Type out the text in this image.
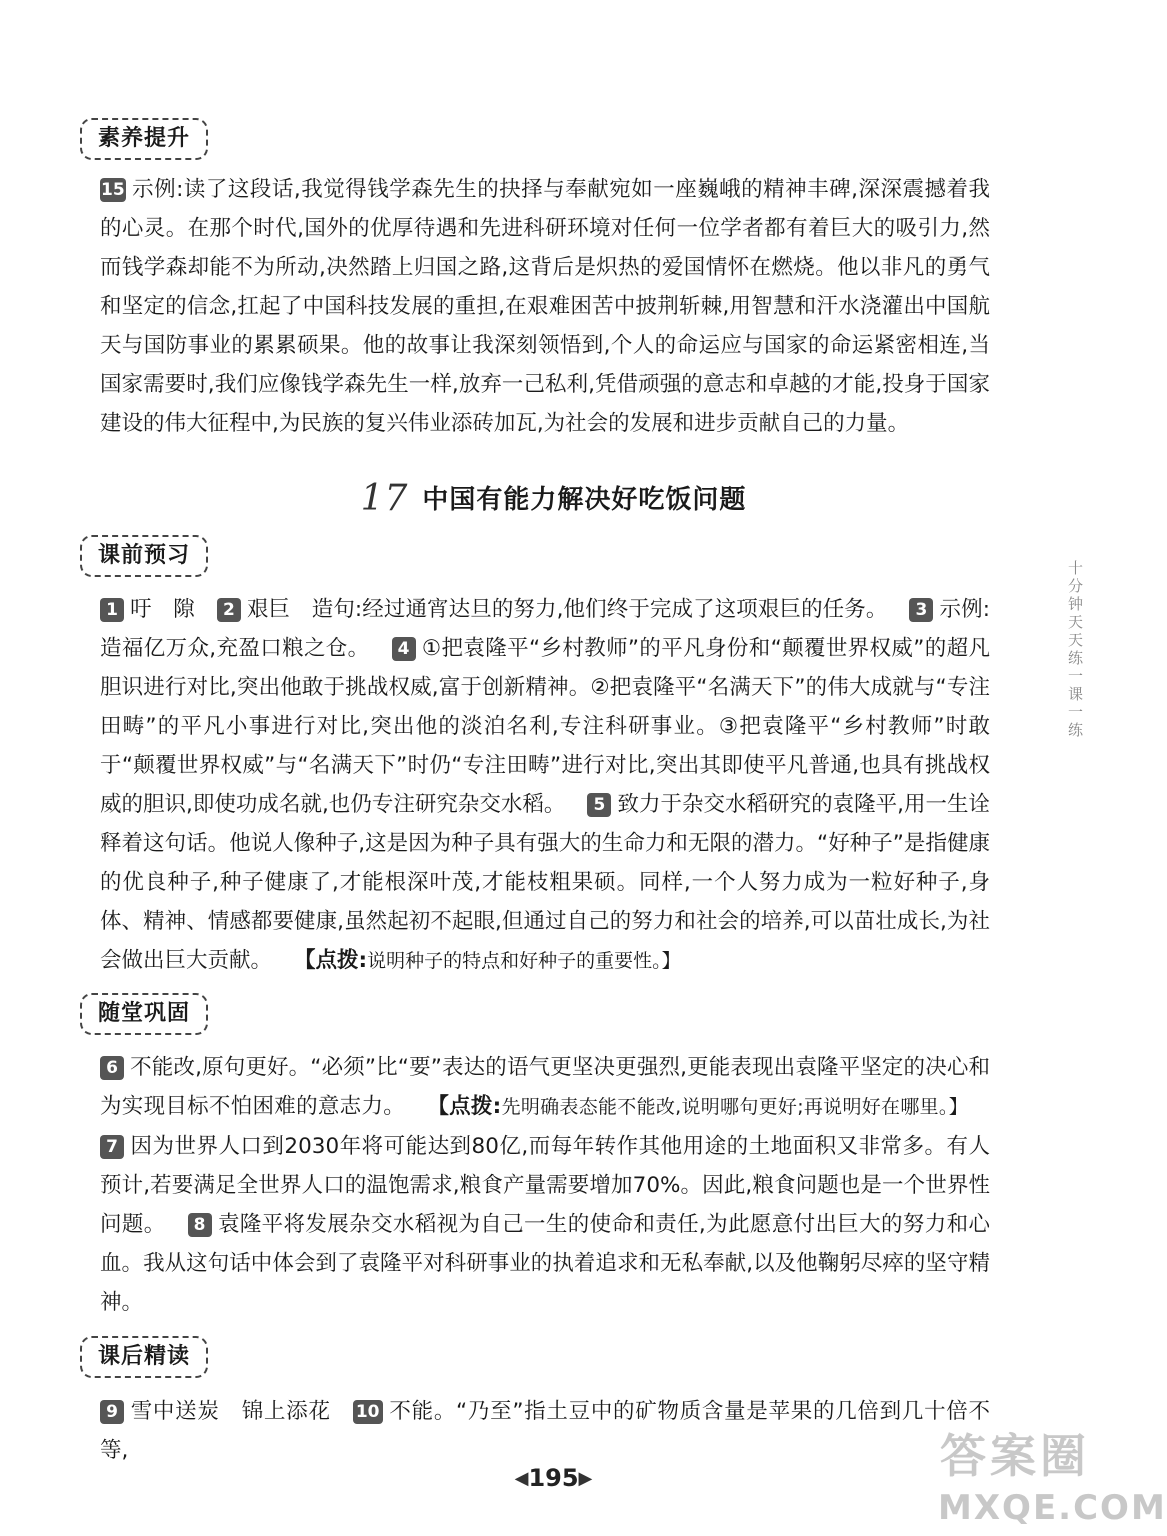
素养提升
15 示例:读了这段话,我觉得钱学森先生的抉择与奉献宛如一座巍峨的精神丰碑,深深震撼着我的心灵。在那个时代,国外的优厚待遇和先进科研环境对任何一位学者都有着巨大的吸引力,然而钱学森却能不为所动,决然踏上归国之路,这背后是炽热的爱国情怀在燃烧。他以非凡的勇气和坚定的信念,扛起了中国科技发展的重担,在艰难困苦中披荆斩棘,用智慧和汗水浇灌出中国航天与国防事业的累累硕果。他的故事让我深刻领悟到,个人的命运应与国家的命运紧密相连,当国家需要时,我们应像钱学森先生一样,放弃一己私利,凭借顽强的意志和卓越的才能,投身于国家建设的伟大征程中,为民族的复兴伟业添砖加瓦,为社会的发展和进步贡献自己的力量。
17 中国有能力解决好吃饭问题
课前预习
1 吁　隙 2 艰巨　造句:经过通宵达旦的努力,他们终于完成了这项艰巨的任务。 3 示例:造福亿万众,充盈口粮之仓。 4 ①把袁隆平“乡村教师”的平凡身份和“颠覆世界权威”的超凡胆识进行对比,突出他敢于挑战权威,富于创新精神。②把袁隆平“名满天下”的伟大成就与“专注田畴”的平凡小事进行对比,突出他的淡泊名利,专注科研事业。③把袁隆平“乡村教师”时敢于“颠覆世界权威”与“名满天下”时仍“专注田畴”进行对比,突出其即使平凡普通,也具有挑战权威的胆识,即使功成名就,也仍专注研究杂交水稻。 5 致力于杂交水稻研究的袁隆平,用一生诠释着这句话。他说人像种子,这是因为种子具有强大的生命力和无限的潜力。“好种子”是指健康的优良种子,种子健康了,才能根深叶茂,才能枝粗果硕。同样,一个人努力成为一粒好种子,身体、精神、情感都要健康,虽然起初不起眼,但通过自己的努力和社会的培养,可以苗壮成长,为社会做出巨大贡献。 【点拨:说明种子的特点和好种子的重要性。】
随堂巩固
6 不能改,原句更好。“必须”比“要”表达的语气更坚决更强烈,更能表现出袁隆平坚定的决心和为实现目标不怕困难的意志力。 【点拨:先明确表态能不能改,说明哪句更好;再说明好在哪里。】7 因为世界人口到2030年将可能达到80亿,而每年转作其他用途的土地面积又非常多。有人预计,若要满足全世界人口的温饱需求,粮食产量需要增加70%。因此,粮食问题也是一个世界性问题。 8 袁隆平将发展杂交水稻视为自己一生的使命和责任,为此愿意付出巨大的努力和心血。我从这句话中体会到了袁隆平对科研事业的执着追求和无私奉献,以及他鞠躬尽瘁的坚守精神。
课后精读
9 雪中送炭　锦上添花 10 不能。“乃至”指土豆中的矿物质含量是苹果的几倍到几十倍不等,
十分钟天天练一课一练
◀195▶	答案圈
MXQE.COM
